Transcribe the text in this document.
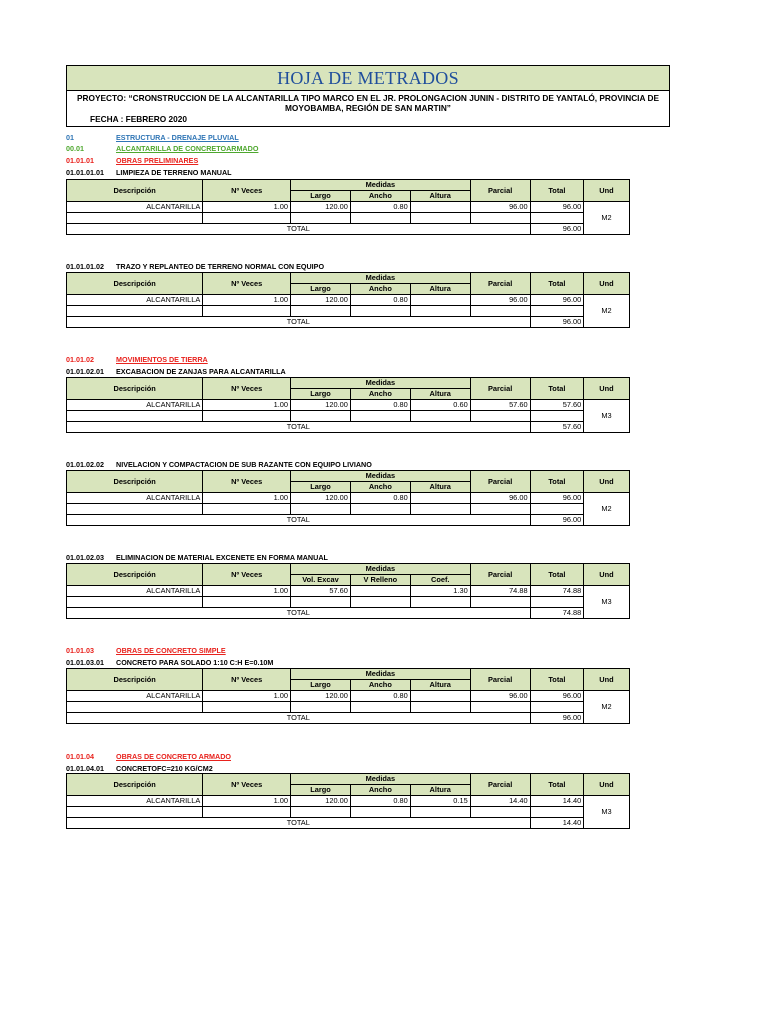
HOJA DE METRADOS
PROYECTO: “CRONSTRUCCION DE LA ALCANTARILLA TIPO MARCO EN EL JR. PROLONGACION JUNIN - DISTRITO DE YANTALÓ, PROVINCIA DE MOYOBAMBA, REGIÓN DE SAN MARTIN”
FECHA : FEBRERO 2020
01	ESTRUCTURA - DRENAJE PLUVIAL
00.01	ALCANTARILLA DE CONCRETOARMADO
01.01.01	OBRAS PRELIMINARES
01.01.01.01 LIMPIEZA DE TERRENO MANUAL
Descripción	Nº Veces	Medidas			Parcial	Total	Und
		Largo	Ancho	Altura			
ALCANTARILLA	1.00	120.00	0.80		96.00	96.00	M2

TOTAL						96.00	
01.01.01.02 TRAZO Y REPLANTEO DE TERRENO NORMAL CON EQUIPO
Descripción	Nº Veces	Medidas			Parcial	Total	Und
		Largo	Ancho	Altura			
ALCANTARILLA	1.00	120.00	0.80		96.00	96.00	M2

TOTAL						96.00	
01.01.02	MOVIMIENTOS DE TIERRA
01.01.02.01 EXCABACION DE ZANJAS PARA ALCANTARILLA
Descripción	Nº Veces	Medidas			Parcial	Total	Und
		Largo	Ancho	Altura			
ALCANTARILLA	1.00	120.00	0.80	0.60	57.60	57.60	M3

TOTAL						57.60	
01.01.02.02 NIVELACION Y COMPACTACION DE SUB RAZANTE CON EQUIPO LIVIANO
Descripción	Nº Veces	Medidas			Parcial	Total	Und
		Largo	Ancho	Altura			
ALCANTARILLA	1.00	120.00	0.80		96.00	96.00	M2

TOTAL						96.00	
01.01.02.03 ELIMINACION DE MATERIAL EXCENETE EN FORMA MANUAL
Descripción	Nº Veces	Medidas			Parcial	Total	Und
		Vol. Excav	V Relleno	Coef.			
ALCANTARILLA	1.00	57.60		1.30	74.88	74.88	M3

TOTAL						74.88	
01.01.03	OBRAS DE CONCRETO SIMPLE
01.01.03.01 CONCRETO PARA SOLADO 1:10 C:H E=0.10M
Descripción	Nº Veces	Medidas			Parcial	Total	Und
		Largo	Ancho	Altura			
ALCANTARILLA	1.00	120.00	0.80		96.00	96.00	M2

TOTAL						96.00	
01.01.04	OBRAS DE CONCRETO ARMADO
01.01.04.01 CONCRETOFC=210 KG/CM2
Descripción	Nº Veces	Medidas			Parcial	Total	Und
		Largo	Ancho	Altura			
ALCANTARILLA	1.00	120.00	0.80	0.15	14.40	14.40	M3

TOTAL						14.40	
